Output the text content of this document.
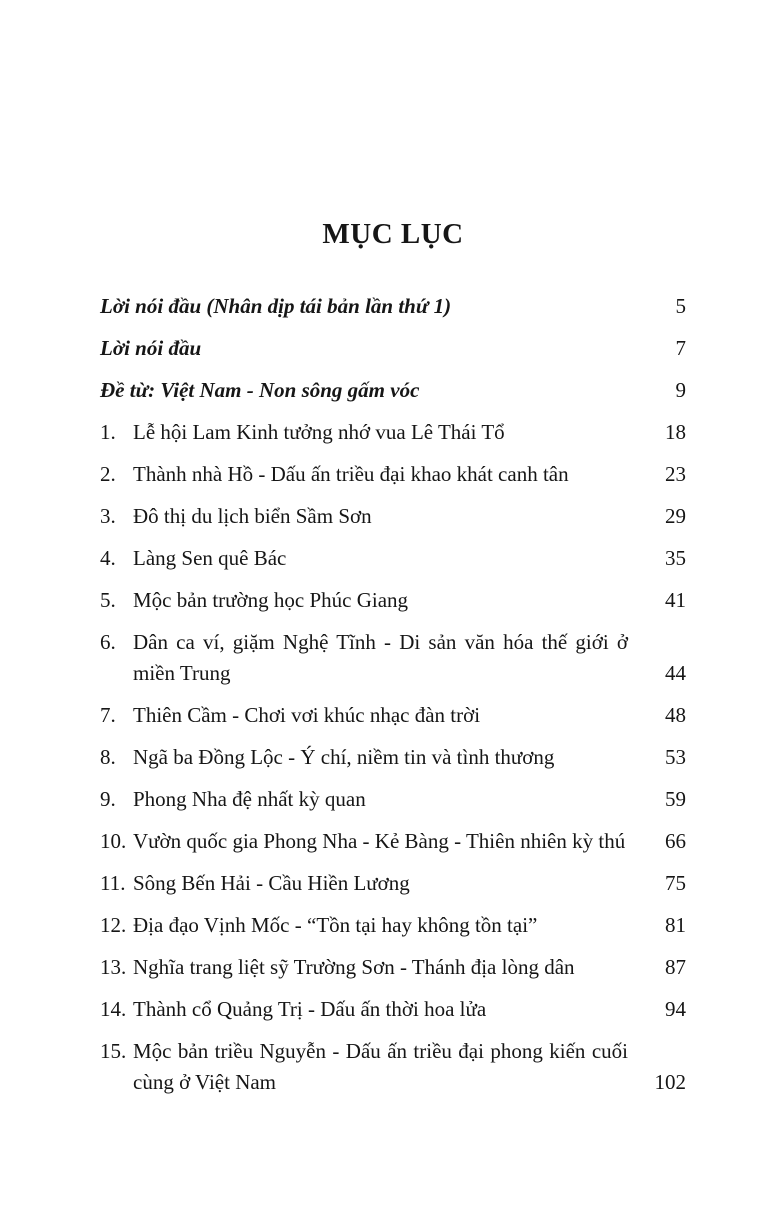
MỤC LỤC
Lời nói đầu (Nhân dịp tái bản lần thứ 1)	5
Lời nói đầu	7
Đề từ: Việt Nam - Non sông gấm vóc	9
1. Lễ hội Lam Kinh tưởng nhớ vua Lê Thái Tổ	18
2. Thành nhà Hồ - Dấu ấn triều đại khao khát canh tân	23
3. Đô thị du lịch biển Sầm Sơn	29
4. Làng Sen quê Bác	35
5. Mộc bản trường học Phúc Giang	41
6. Dân ca ví, giặm Nghệ Tĩnh - Di sản văn hóa thế giới ở miền Trung	44
7. Thiên Cầm - Chơi vơi khúc nhạc đàn trời	48
8. Ngã ba Đồng Lộc - Ý chí, niềm tin và tình thương	53
9. Phong Nha đệ nhất kỳ quan	59
10. Vườn quốc gia Phong Nha - Kẻ Bàng - Thiên nhiên kỳ thú	66
11. Sông Bến Hải - Cầu Hiền Lương	75
12. Địa đạo Vịnh Mốc - “Tồn tại hay không tồn tại”	81
13. Nghĩa trang liệt sỹ Trường Sơn - Thánh địa lòng dân	87
14. Thành cổ Quảng Trị - Dấu ấn thời hoa lửa	94
15. Mộc bản triều Nguyễn - Dấu ấn triều đại phong kiến cuối cùng ở Việt Nam	102
